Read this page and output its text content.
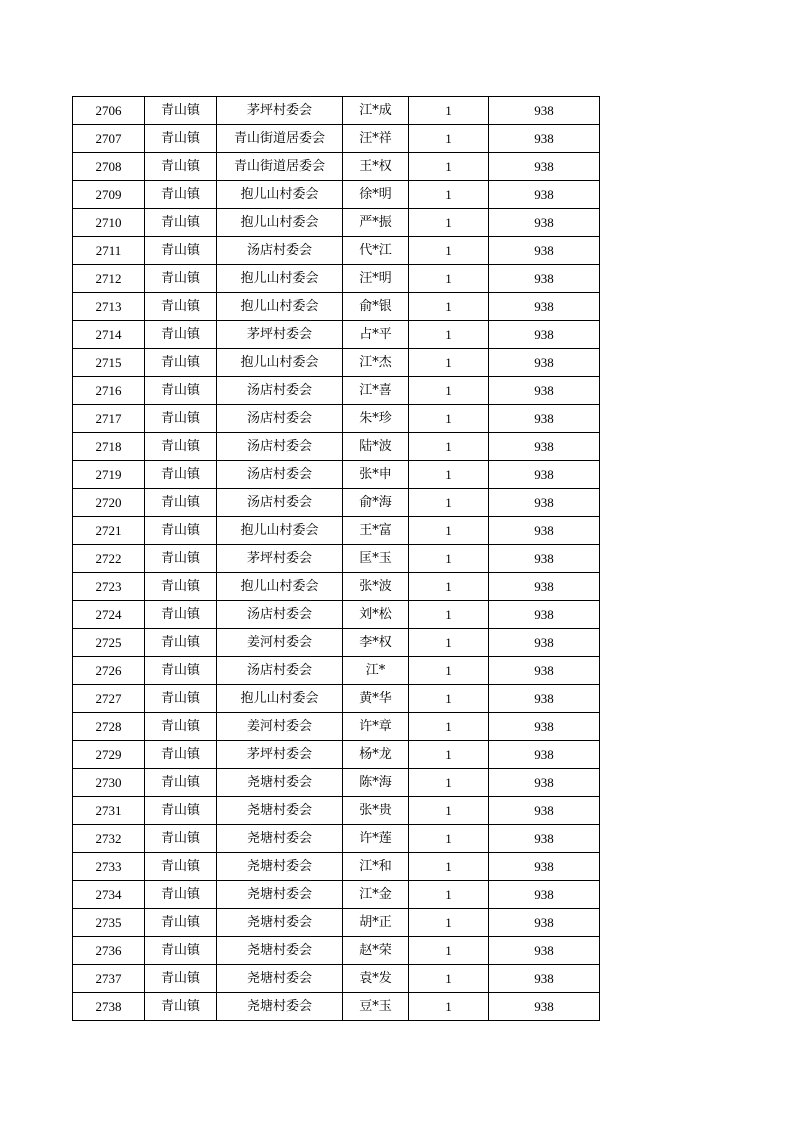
2706	青山镇	茅坪村委会	江*成	1	938
2707	青山镇	青山街道居委会	汪*祥	1	938
2708	青山镇	青山街道居委会	王*权	1	938
2709	青山镇	抱儿山村委会	徐*明	1	938
2710	青山镇	抱儿山村委会	严*振	1	938
2711	青山镇	汤店村委会	代*江	1	938
2712	青山镇	抱儿山村委会	汪*明	1	938
2713	青山镇	抱儿山村委会	俞*银	1	938
2714	青山镇	茅坪村委会	占*平	1	938
2715	青山镇	抱儿山村委会	江*杰	1	938
2716	青山镇	汤店村委会	江*喜	1	938
2717	青山镇	汤店村委会	朱*珍	1	938
2718	青山镇	汤店村委会	陆*波	1	938
2719	青山镇	汤店村委会	张*申	1	938
2720	青山镇	汤店村委会	俞*海	1	938
2721	青山镇	抱儿山村委会	王*富	1	938
2722	青山镇	茅坪村委会	匡*玉	1	938
2723	青山镇	抱儿山村委会	张*波	1	938
2724	青山镇	汤店村委会	刘*松	1	938
2725	青山镇	姜河村委会	李*权	1	938
2726	青山镇	汤店村委会	江*	1	938
2727	青山镇	抱儿山村委会	黄*华	1	938
2728	青山镇	姜河村委会	许*章	1	938
2729	青山镇	茅坪村委会	杨*龙	1	938
2730	青山镇	尧塘村委会	陈*海	1	938
2731	青山镇	尧塘村委会	张*贵	1	938
2732	青山镇	尧塘村委会	许*莲	1	938
2733	青山镇	尧塘村委会	江*和	1	938
2734	青山镇	尧塘村委会	江*金	1	938
2735	青山镇	尧塘村委会	胡*正	1	938
2736	青山镇	尧塘村委会	赵*荣	1	938
2737	青山镇	尧塘村委会	袁*发	1	938
2738	青山镇	尧塘村委会	豆*玉	1	938
